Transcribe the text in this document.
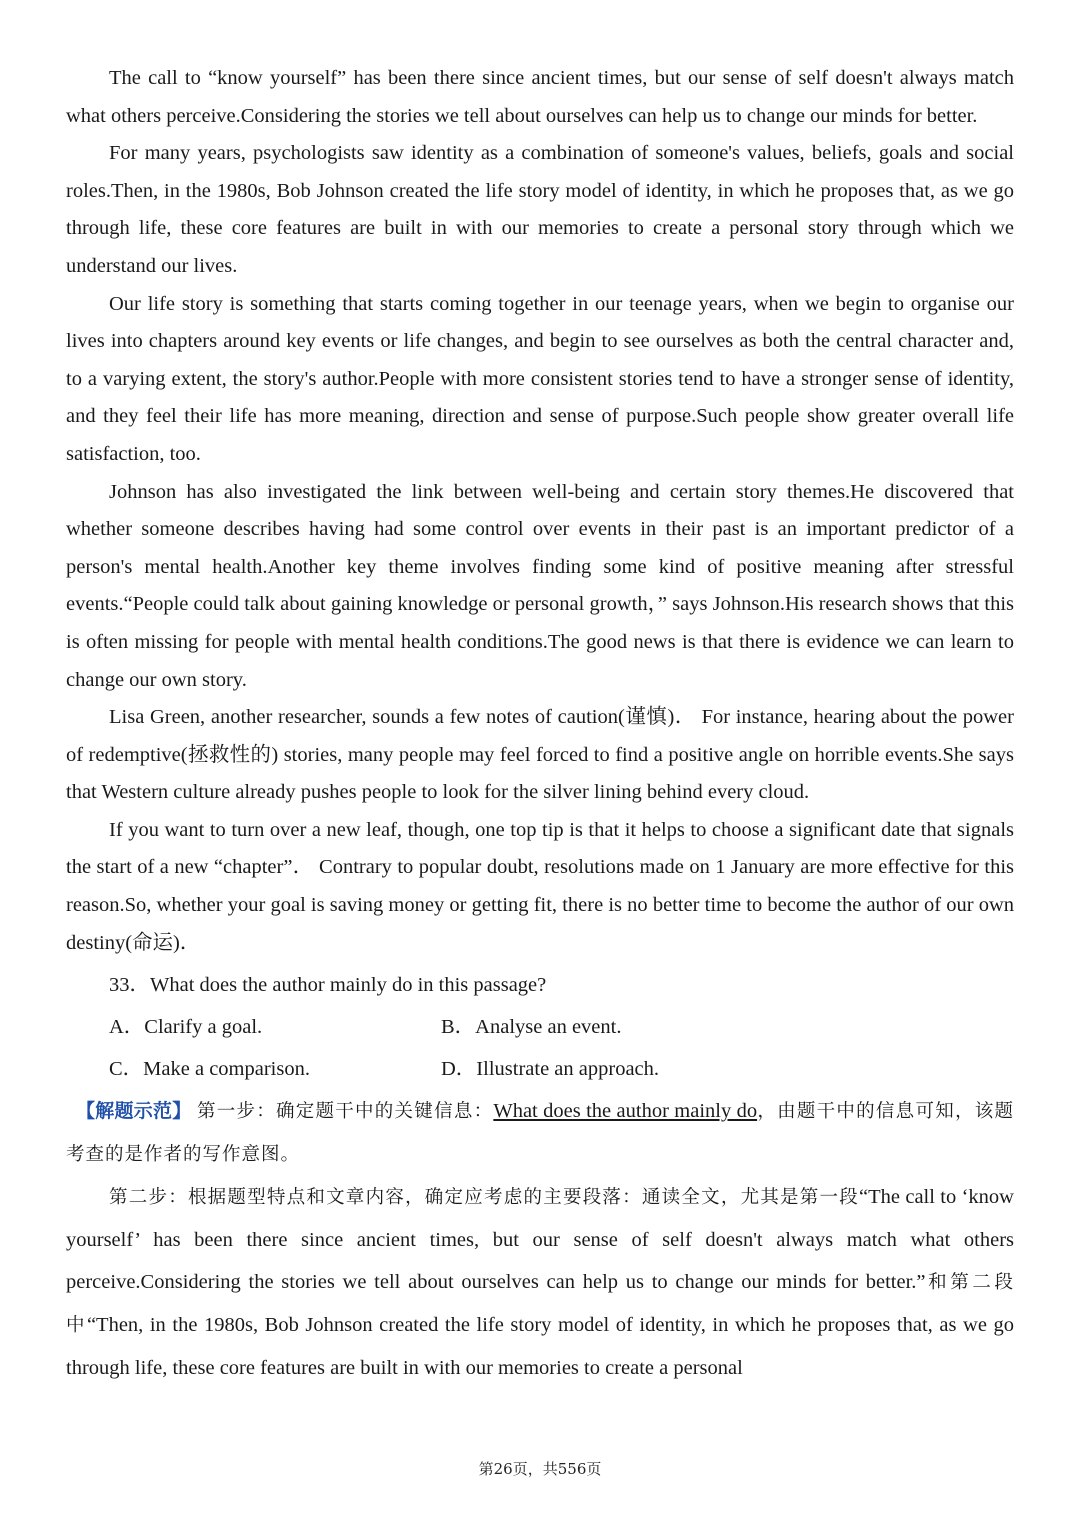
The call to “know yourself” has been there since ancient times, but our sense of self doesn't always match what others perceive.Considering the stories we tell about ourselves can help us to change our minds for better.

For many years, psychologists saw identity as a combination of someone's values, beliefs, goals and social roles.Then, in the 1980s, Bob Johnson created the life story model of identity, in which he proposes that, as we go through life, these core features are built in with our memories to create a personal story through which we understand our lives.

Our life story is something that starts coming together in our teenage years, when we begin to organise our lives into chapters around key events or life changes, and begin to see ourselves as both the central character and, to a varying extent, the story's author.People with more consistent stories tend to have a stronger sense of identity, and they feel their life has more meaning, direction and sense of purpose.Such people show greater overall life satisfaction, too.

Johnson has also investigated the link between well-being and certain story themes.He discovered that whether someone describes having had some control over events in their past is an important predictor of a person's mental health.Another key theme involves finding some kind of positive meaning after stressful events.“People could talk about gaining knowledge or personal growth，” says Johnson.His research shows that this is often missing for people with mental health conditions.The good news is that there is evidence we can learn to change our own story.

Lisa Green, another researcher, sounds a few notes of caution(谨慎)． For instance, hearing about the power of redemptive(拯救性的) stories, many people may feel forced to find a positive angle on horrible events.She says that Western culture already pushes people to look for the silver lining behind every cloud.

If you want to turn over a new leaf, though, one top tip is that it helps to choose a significant date that signals the start of a new “chapter”． Contrary to popular doubt, resolutions made on 1 January are more effective for this reason.So, whether your goal is saving money or getting fit, there is no better time to become the author of our own destiny(命运)．

33．What does the author mainly do in this passage?
A．Clarify a goal.	B．Analyse an event.
C．Make a comparison.	D．Illustrate an approach.

【解题示范】 第一步：确定题干中的关键信息：What does the author mainly do，由题干中的信息可知，该题考查的是作者的写作意图。

第二步：根据题型特点和文章内容，确定应考虑的主要段落：通读全文，尤其是第一段“The call to ‘know yourself’ has been there since ancient times, but our sense of self doesn't always match what others perceive.Considering the stories we tell about ourselves can help us to change our minds for better.”和第二段中“Then, in the 1980s, Bob Johnson created the life story model of identity, in which he proposes that, as we go through life, these core features are built in with our memories to create a personal

第26页，共556页
